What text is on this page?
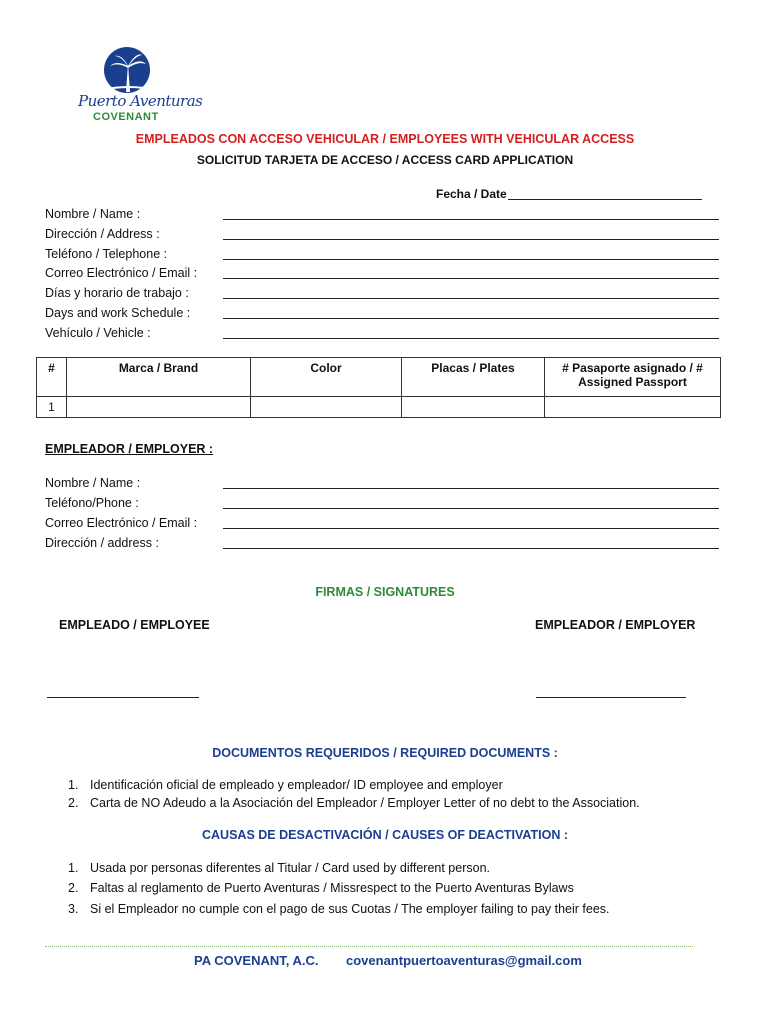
Puerto Aventuras
COVENANT
EMPLEADOS CON ACCESO VEHICULAR / EMPLOYEES WITH VEHICULAR ACCESS
SOLICITUD TARJETA DE ACCESO / ACCESS CARD APPLICATION
Fecha / Date
Nombre / Name :
Dirección / Address :
Teléfono / Telephone :
Correo Electrónico / Email :
Días y horario de trabajo :
Days and work Schedule :
Vehículo / Vehicle :
#	Marca / Brand	Color	Placas / Plates	# Pasaporte asignado / # Assigned Passport
1				
EMPLEADOR / EMPLOYER :
Nombre / Name :
Teléfono/Phone :
Correo Electrónico / Email :
Dirección / address :
FIRMAS / SIGNATURES
EMPLEADO / EMPLOYEE	EMPLEADOR / EMPLOYER
DOCUMENTOS REQUERIDOS / REQUIRED DOCUMENTS :
1. Identificación oficial de empleado y empleador/ ID employee and employer
2. Carta de NO Adeudo a la Asociación del Empleador / Employer Letter of no debt to the Association.
CAUSAS DE DESACTIVACIÓN / CAUSES OF DEACTIVATION :
1. Usada por personas diferentes al Titular / Card used by different person.
2. Faltas al reglamento de Puerto Aventuras / Missrespect to the Puerto Aventuras Bylaws
3. Si el Empleador no cumple con el pago de sus Cuotas / The employer failing to pay their fees.
PA COVENANT, A.C. covenantpuertoaventuras@gmail.com
